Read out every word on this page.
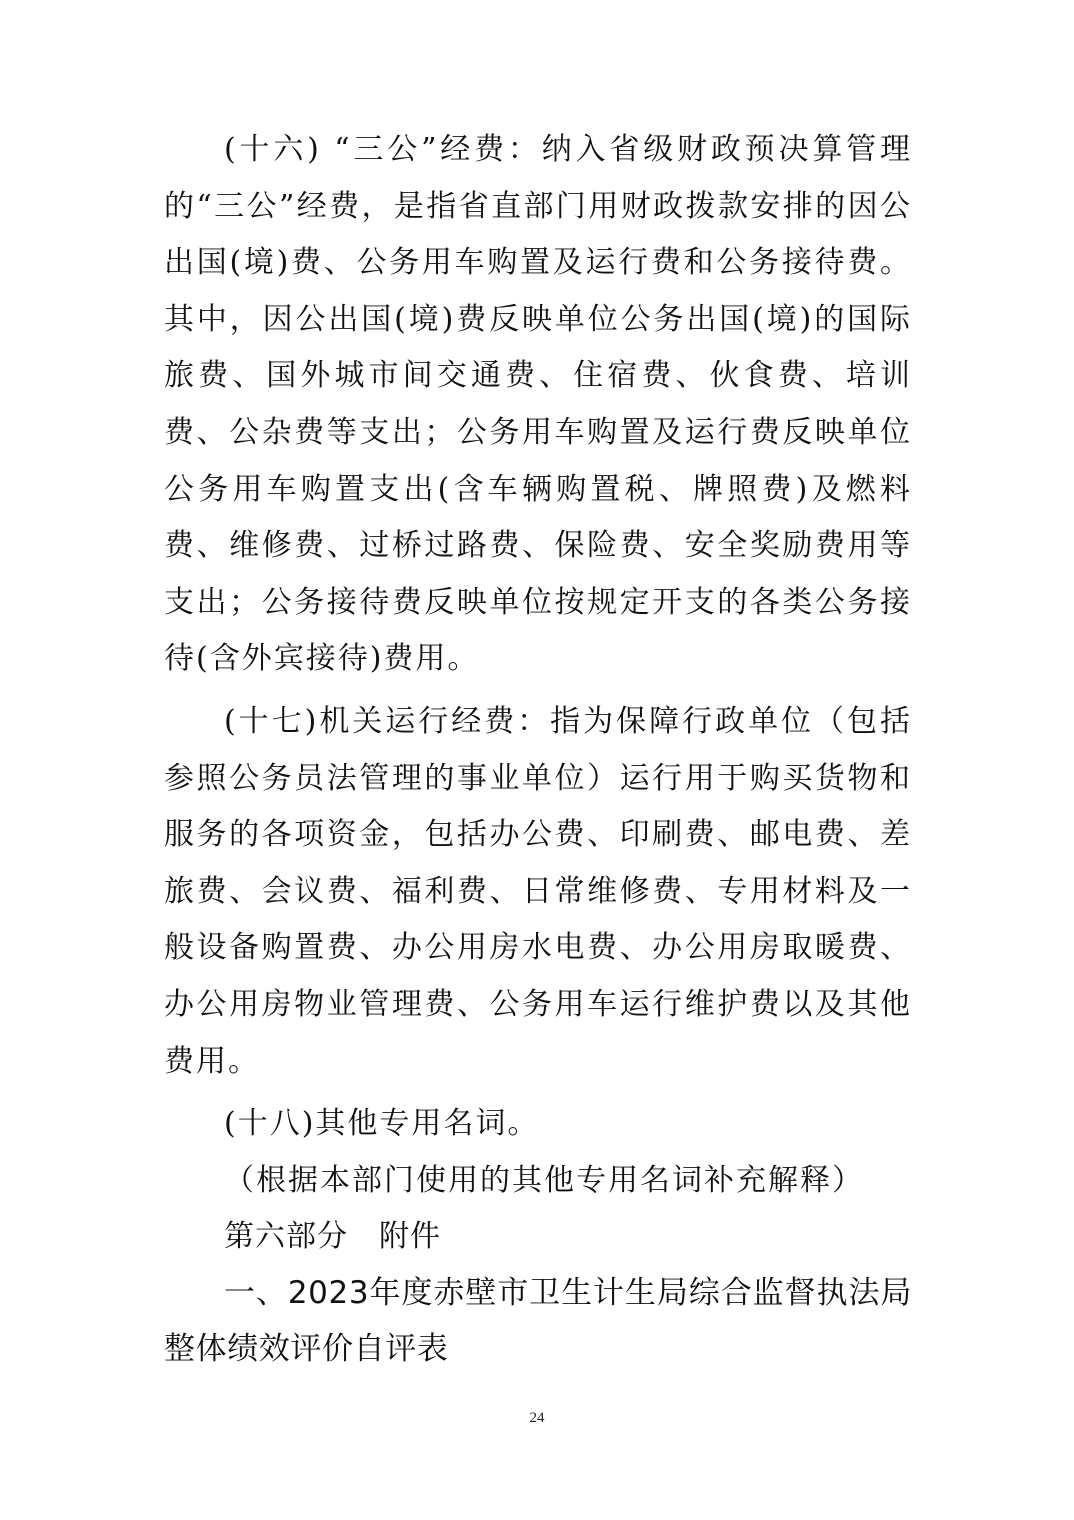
(十六) “三公”经费：纳入省级财政预决算管理的“三公”经费，是指省直部门用财政拨款安排的因公出国(境)费、公务用车购置及运行费和公务接待费。其中，因公出国(境)费反映单位公务出国(境)的国际旅费、国外城市间交通费、住宿费、伙食费、培训费、公杂费等支出；公务用车购置及运行费反映单位公务用车购置支出(含车辆购置税、牌照费)及燃料费、维修费、过桥过路费、保险费、安全奖励费用等支出；公务接待费反映单位按规定开支的各类公务接待(含外宾接待)费用。

(十七)机关运行经费：指为保障行政单位（包括参照公务员法管理的事业单位）运行用于购买货物和服务的各项资金，包括办公费、印刷费、邮电费、差旅费、会议费、福利费、日常维修费、专用材料及一般设备购置费、办公用房水电费、办公用房取暖费、办公用房物业管理费、公务用车运行维护费以及其他费用。

(十八)其他专用名词。

（根据本部门使用的其他专用名词补充解释）

第六部分　附件

一、2023年度赤壁市卫生计生局综合监督执法局整体绩效评价自评表

24
